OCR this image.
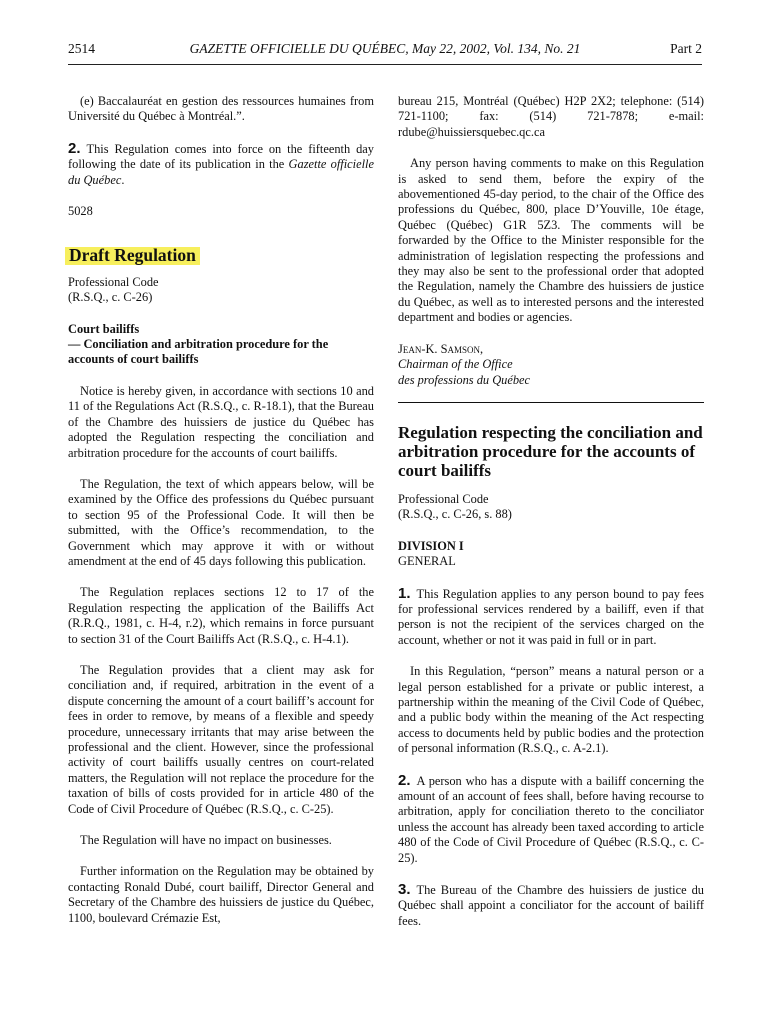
2514	GAZETTE OFFICIELLE DU QUÉBEC, May 22, 2002, Vol. 134, No. 21	Part 2

(e) Baccalauréat en gestion des ressources humaines from Université du Québec à Montréal.”.

2. This Regulation comes into force on the fifteenth day following the date of its publication in the Gazette officielle du Québec.

5028

Draft Regulation
Professional Code
(R.S.Q., c. C-26)
Court bailiffs
— Conciliation and arbitration procedure for the accounts of court bailiffs

Notice is hereby given, in accordance with sections 10 and 11 of the Regulations Act (R.S.Q., c. R-18.1), that the Bureau of the Chambre des huissiers de justice du Québec has adopted the Regulation respecting the conciliation and arbitration procedure for the accounts of court bailiffs.

The Regulation, the text of which appears below, will be examined by the Office des professions du Québec pursuant to section 95 of the Professional Code. It will then be submitted, with the Office’s recommendation, to the Government which may approve it with or without amendment at the end of 45 days following this publication.

The Regulation replaces sections 12 to 17 of the Regulation respecting the application of the Bailiffs Act (R.R.Q., 1981, c. H-4, r.2), which remains in force pursuant to section 31 of the Court Bailiffs Act (R.S.Q., c. H-4.1).

The Regulation provides that a client may ask for conciliation and, if required, arbitration in the event of a dispute concerning the amount of a court bailiff’s account for fees in order to remove, by means of a flexible and speedy procedure, unnecessary irritants that may arise between the professional and the client. However, since the professional activity of court bailiffs usually centres on court-related matters, the Regulation will not replace the procedure for the taxation of bills of costs provided for in article 480 of the Code of Civil Procedure of Québec (R.S.Q., c. C-25).

The Regulation will have no impact on businesses.

Further information on the Regulation may be obtained by contacting Ronald Dubé, court bailiff, Director General and Secretary of the Chambre des huissiers de justice du Québec, 1100, boulevard Crémazie Est,

bureau 215, Montréal (Québec) H2P 2X2; telephone: (514) 721-1100; fax: (514) 721-7878; e-mail: rdube@huissiersquebec.qc.ca

Any person having comments to make on this Regulation is asked to send them, before the expiry of the abovementioned 45-day period, to the chair of the Office des professions du Québec, 800, place D’Youville, 10e étage, Québec (Québec) G1R 5Z3. The comments will be forwarded by the Office to the Minister responsible for the administration of legislation respecting the professions and they may also be sent to the professional order that adopted the Regulation, namely the Chambre des huissiers de justice du Québec, as well as to interested persons and the interested department and bodies or agencies.

Jean-K. Samson,
Chairman of the Office
des professions du Québec
Regulation respecting the conciliation and arbitration procedure for the accounts of court bailiffs
Professional Code
(R.S.Q., c. C-26, s. 88)
DIVISION I
GENERAL

1. This Regulation applies to any person bound to pay fees for professional services rendered by a bailiff, even if that person is not the recipient of the services charged on the account, whether or not it was paid in full or in part.

In this Regulation, “person” means a natural person or a legal person established for a private or public interest, a partnership within the meaning of the Civil Code of Québec, and a public body within the meaning of the Act respecting access to documents held by public bodies and the protection of personal information (R.S.Q., c. A-2.1).

2. A person who has a dispute with a bailiff concerning the amount of an account of fees shall, before having recourse to arbitration, apply for conciliation thereto to the conciliator unless the account has already been taxed according to article 480 of the Code of Civil Procedure of Québec (R.S.Q., c. C-25).

3. The Bureau of the Chambre des huissiers de justice du Québec shall appoint a conciliator for the account of bailiff fees.
